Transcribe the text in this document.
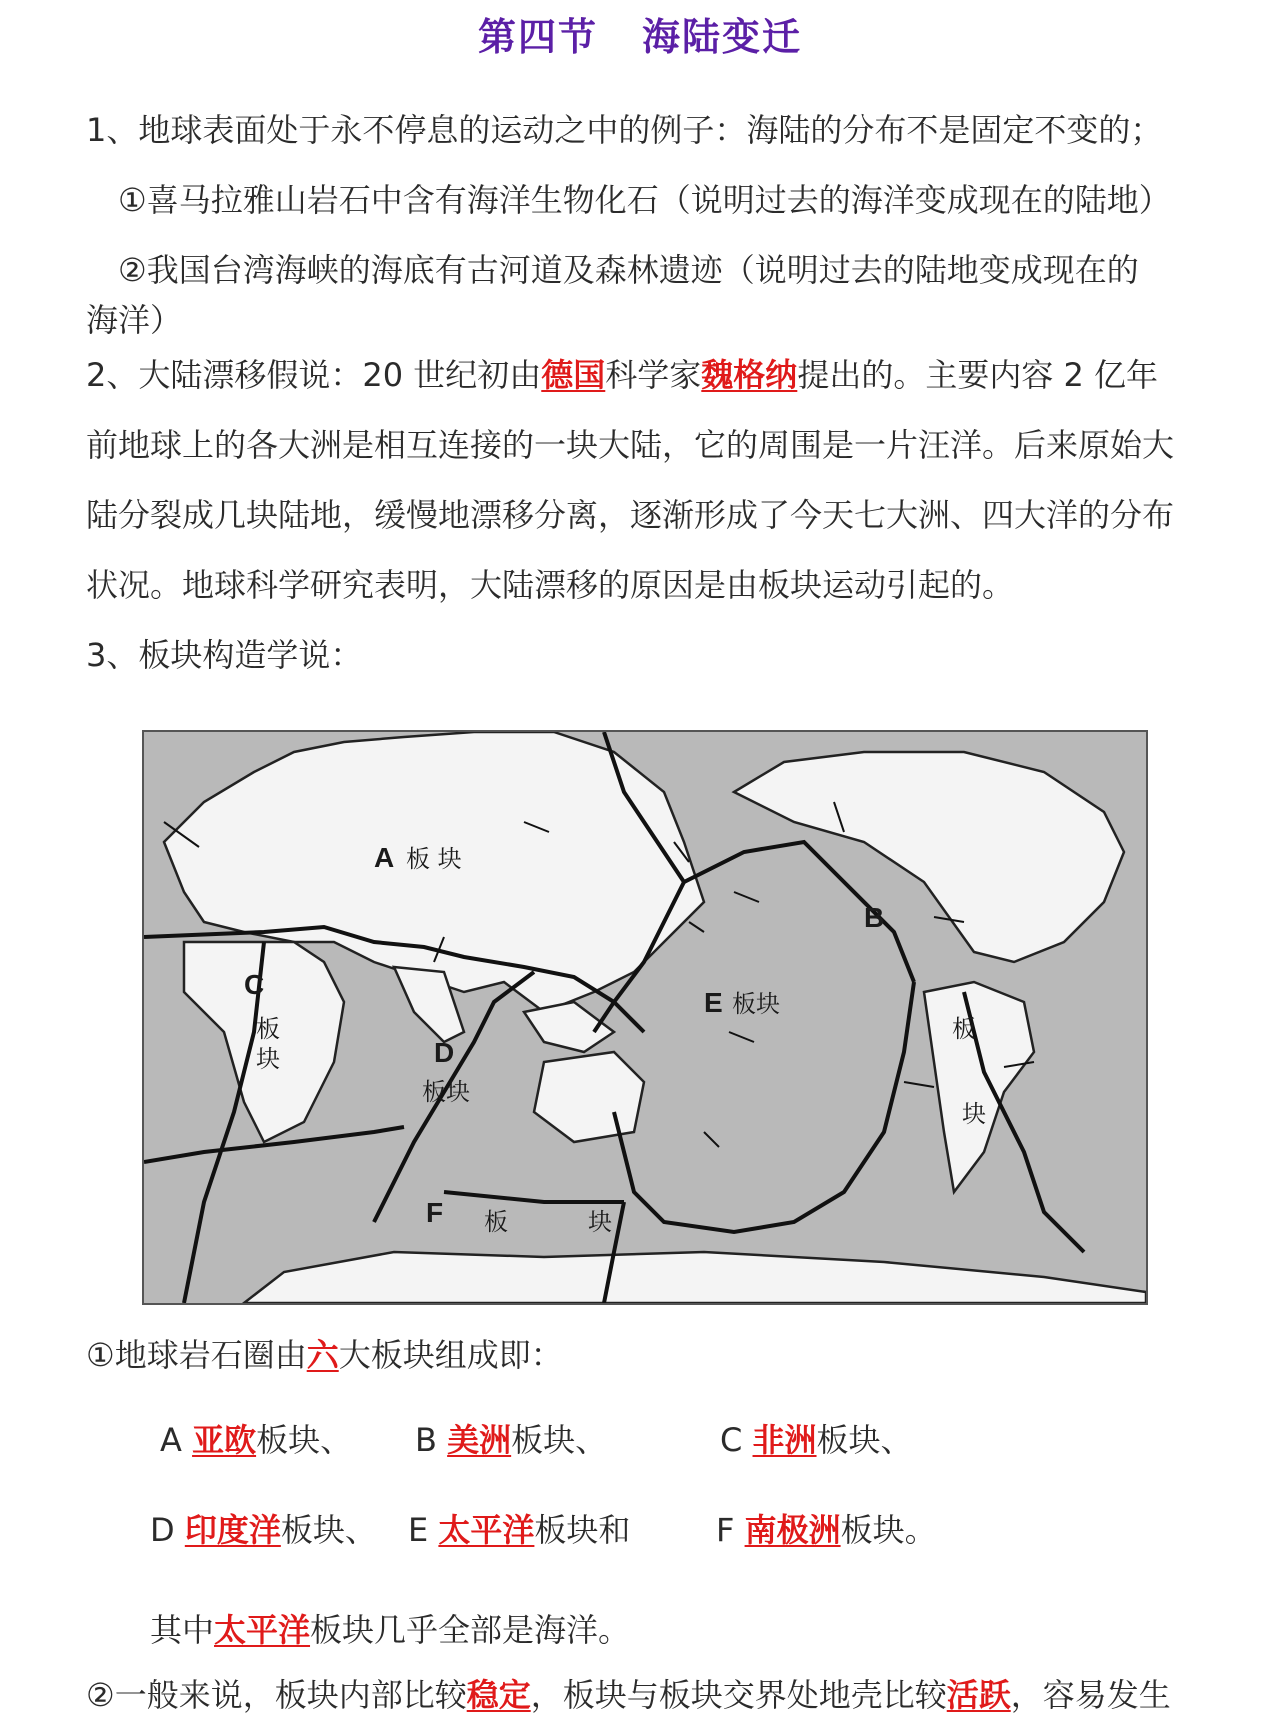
第四节 海陆变迁
1、地球表面处于永不停息的运动之中的例子：海陆的分布不是固定不变的；
①喜马拉雅山岩石中含有海洋生物化石（说明过去的海洋变成现在的陆地）
②我国台湾海峡的海底有古河道及森林遗迹（说明过去的陆地变成现在的
海洋）
2、大陆漂移假说：20 世纪初由德国科学家魏格纳提出的。主要内容 2 亿年
前地球上的各大洲是相互连接的一块大陆，它的周围是一片汪洋。后来原始大
陆分裂成几块陆地，缓慢地漂移分离，逐渐形成了今天七大洲、四大洋的分布
状况。地球科学研究表明，大陆漂移的原因是由板块运动引起的。
3、板块构造学说：
A 板 块
B
板
块
C
板
块	D
板块
E 板块
F 板	块
①地球岩石圈由六大板块组成即：
A 亚欧板块、	B 美洲板块、	C 非洲板块、
D 印度洋板块、 E 太平洋板块和	F 南极洲板块。
其中太平洋板块几乎全部是海洋。
②一般来说，板块内部比较稳定，板块与板块交界处地壳比较活跃，容易发生
